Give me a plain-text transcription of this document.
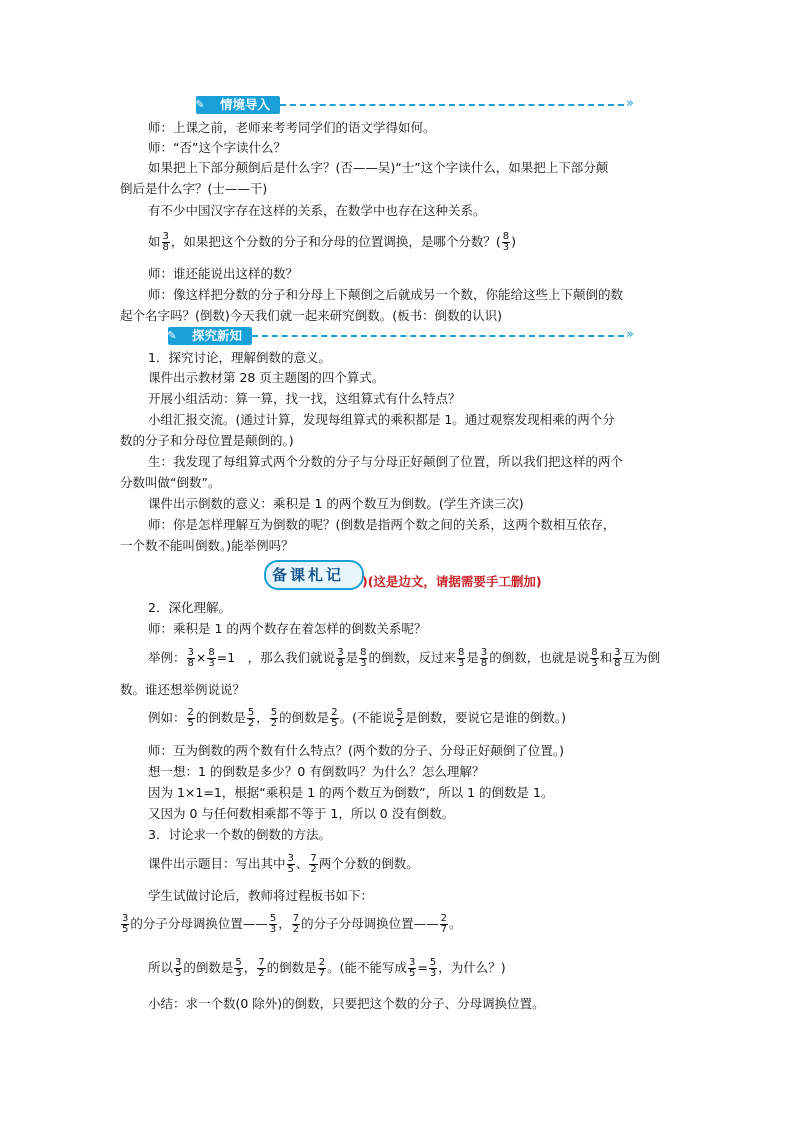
✎	情境导入	»
师：上课之前，老师来考考同学们的语文学得如何。
师：“否”这个字读什么？
如果把上下部分颠倒后是什么字？(否——吴)“士”这个字读什么，如果把上下部分颠
倒后是什么字？(士——干)
有不少中国汉字存在这样的关系，在数学中也存在这种关系。
如 $\frac{3}{8}$ ，如果把这个分数的分子和分母的位置调换，是哪个分数？( $\frac{8}{3}$ )
师：谁还能说出这样的数？
师：像这样把分数的分子和分母上下颠倒之后就成另一个数，你能给这些上下颠倒的数
起个名字吗？(倒数)今天我们就一起来研究倒数。(板书：倒数的认识)
✎	探究新知	»
1．探究讨论，理解倒数的意义。
课件出示教材第 28 页主题图的四个算式。
开展小组活动：算一算，找一找，这组算式有什么特点？
小组汇报交流。(通过计算，发现每组算式的乘积都是 1。通过观察发现相乘的两个分
数的分子和分母位置是颠倒的。)
生：我发现了每组算式两个分数的分子与分母正好颠倒了位置，所以我们把这样的两个
分数叫做“倒数”。
课件出示倒数的意义：乘积是 1 的两个数互为倒数。(学生齐读三次)
师：你是怎样理解互为倒数的呢？(倒数是指两个数之间的关系，这两个数相互依存，
一个数不能叫倒数。)能举例吗？
备课札记 )(这是边文，请据需要手工删加)
2．深化理解。
师：乘积是 1 的两个数存在着怎样的倒数关系呢？
举例： $\frac{3}{8} \times \frac{8}{3} =1$　，那么我们就说 $\frac{3}{8}$ 是 $\frac{8}{3}$ 的倒数，反过来 $\frac{8}{3}$ 是 $\frac{3}{8}$ 的倒数，也就是说 $\frac{8}{3}$ 和 $\frac{3}{8}$ 互为倒
数。谁还想举例说说？
例如： $\frac{2}{5}$ 的倒数是 $\frac{5}{2}$ ， $\frac{5}{2}$ 的倒数是 $\frac{2}{5}$ 。(不能说 $\frac{5}{2}$ 是倒数，要说它是谁的倒数。)
师：互为倒数的两个数有什么特点？(两个数的分子、分母正好颠倒了位置。)
想一想：1 的倒数是多少？0 有倒数吗？为什么？怎么理解？
因为 1×1=1，根据“乘积是 1 的两个数互为倒数”，所以 1 的倒数是 1。
又因为 0 与任何数相乘都不等于 1，所以 0 没有倒数。
3．讨论求一个数的倒数的方法。
课件出示题目：写出其中 $\frac{3}{5}$ 、 $\frac{7}{2}$ 两个分数的倒数。
学生试做讨论后，教师将过程板书如下：
$\frac{3}{5}$ 的分子分母调换位置—— $\frac{5}{3}$ ， $\frac{7}{2}$ 的分子分母调换位置—— $\frac{2}{7}$ 。
所以 $\frac{3}{5}$ 的倒数是 $\frac{5}{3}$ ， $\frac{7}{2}$ 的倒数是 $\frac{2}{7}$ 。(能不能写成 $\frac{3}{5} = \frac{5}{3}$ ，为什么？)
小结：求一个数(0 除外)的倒数，只要把这个数的分子、分母调换位置。
